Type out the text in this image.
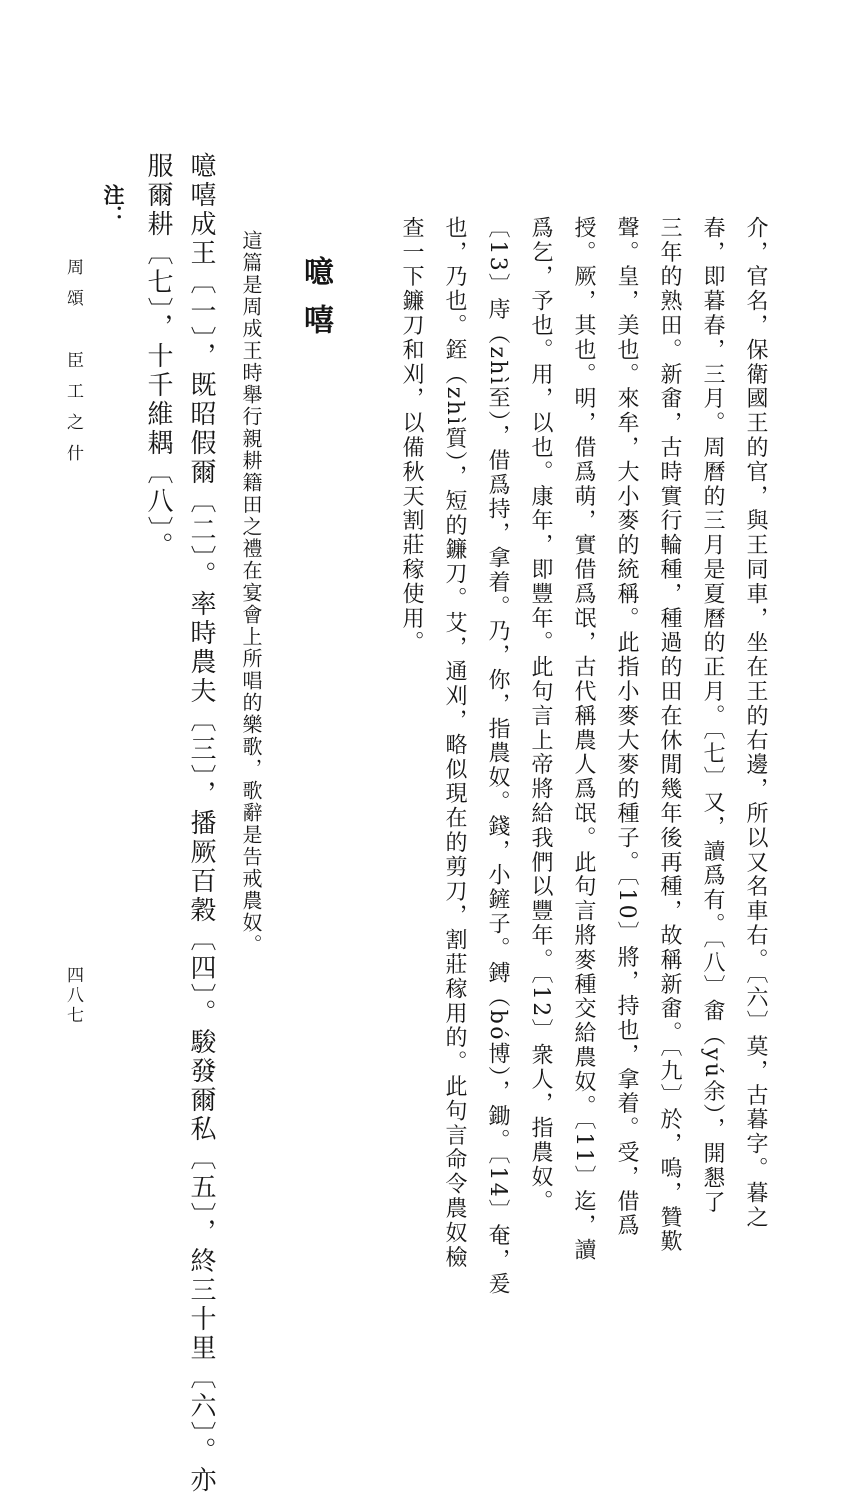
介，官名，保衛國王的官，與王同車，坐在王的右邊，所以又名車右。〔六〕莫，古暮字。暮之
春，即暮春，三月。周曆的三月是夏曆的正月。〔七〕又，讀爲有。〔八〕畬（yú余），開懇了
三年的熟田。新畬，古時實行輪種，種過的田在休閒幾年後再種，故稱新畬。〔九〕於，嗚，贊歎
聲。皇，美也。來牟，大小麥的統稱。此指小麥大麥的種子。〔10〕將，持也，拿着。受，借爲
授。厥，其也。明，借爲萌，實借爲氓，古代稱農人爲氓。此句言將麥種交給農奴。〔11〕迄，讀
爲乞，予也。用，以也。康年，即豐年。此句言上帝將給我們以豐年。〔12〕衆人，指農奴。
〔13〕庤（zhì至），借爲持，拿着。乃，你，指農奴。錢，小鏟子。鎛（bó博），鋤。〔14〕奄，爰
也，乃也。銍（zhì質），短的鐮刀。艾，通刈，略似現在的剪刀，割莊稼用的。此句言命令農奴檢
查一下鐮刀和刈，以備秋天割莊稼使用。
噫嘻
這篇是周成王時舉行親耕籍田之禮在宴會上所唱的樂歌，歌辭是告戒農奴。
噫嘻成王〔一〕，既昭假爾〔二〕。率時農夫〔三〕，播厥百穀〔四〕。駿發爾私〔五〕，終三十里〔六〕。亦
服爾耕〔七〕，十千維耦〔八〕。
注：
周頌　臣工之什
四八七
